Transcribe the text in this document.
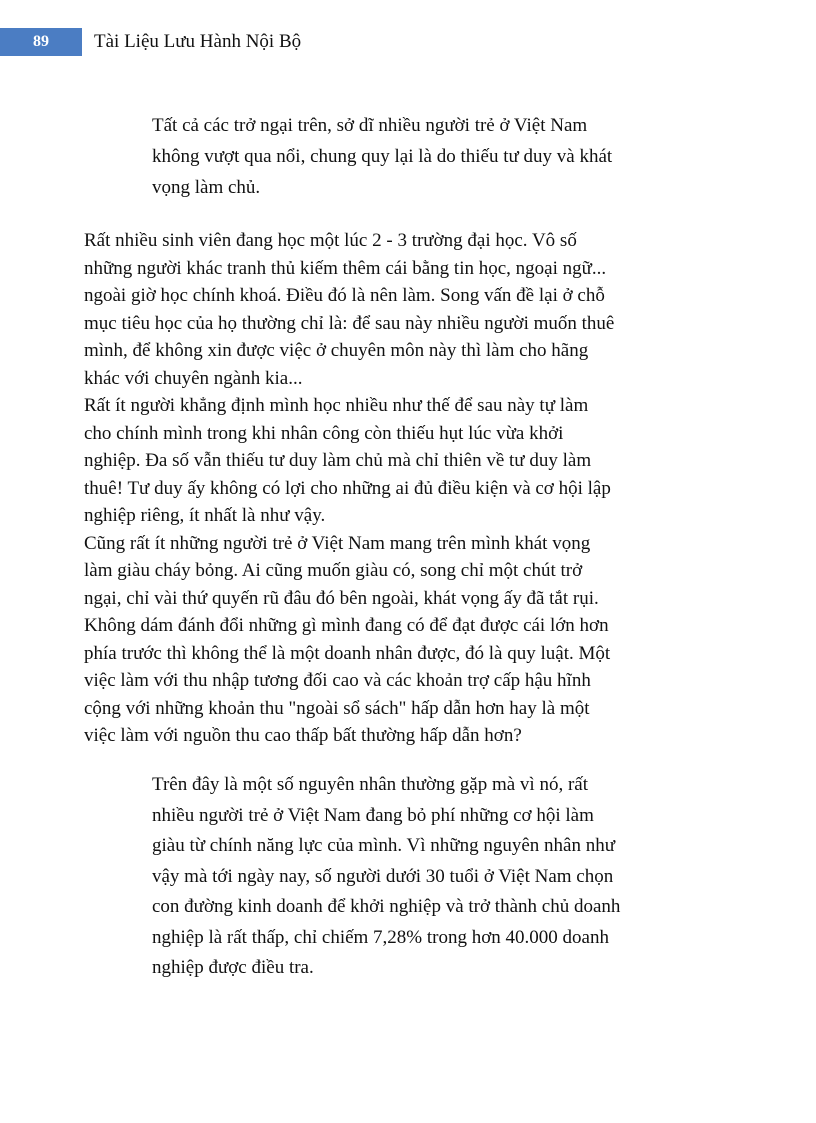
89	Tài Liệu Lưu Hành Nội Bộ
Tất cả các trở ngại trên, sở dĩ nhiều người trẻ ở Việt Nam
không vượt qua nổi, chung quy lại là do thiếu tư duy và khát
vọng làm chủ.
Rất nhiều sinh viên đang học một lúc 2 - 3 trường đại học. Vô số
những người khác tranh thủ kiếm thêm cái bằng tin học, ngoại ngữ...
ngoài giờ học chính khoá. Điều đó là nên làm. Song vấn đề lại ở chỗ
mục tiêu học của họ thường chỉ là: để sau này nhiều người muốn thuê
mình, để không xin được việc ở chuyên môn này thì làm cho hãng
khác với chuyên ngành kia...
Rất ít người khẳng định mình học nhiều như thế để sau này tự làm
cho chính mình trong khi nhân công còn thiếu hụt lúc vừa khởi
nghiệp. Đa số vẫn thiếu tư duy làm chủ mà chỉ thiên về tư duy làm
thuê! Tư duy ấy không có lợi cho những ai đủ điều kiện và cơ hội lập
nghiệp riêng, ít nhất là như vậy.
Cũng rất ít những người trẻ ở Việt Nam mang trên mình khát vọng
làm giàu cháy bỏng. Ai cũng muốn giàu có, song chỉ một chút trở
ngại, chỉ vài thứ quyến rũ đâu đó bên ngoài, khát vọng ấy đã tắt rụi.
Không dám đánh đổi những gì mình đang có để đạt được cái lớn hơn
phía trước thì không thể là một doanh nhân được, đó là quy luật. Một
việc làm với thu nhập tương đối cao và các khoản trợ cấp hậu hĩnh
cộng với những khoản thu "ngoài sổ sách" hấp dẫn hơn hay là một
việc làm với nguồn thu cao thấp bất thường hấp dẫn hơn?
Trên đây là một số nguyên nhân thường gặp mà vì nó, rất
nhiều người trẻ ở Việt Nam đang bỏ phí những cơ hội làm
giàu từ chính năng lực của mình. Vì những nguyên nhân như
vậy mà tới ngày nay, số người dưới 30 tuổi ở Việt Nam chọn
con đường kinh doanh để khởi nghiệp và trở thành chủ doanh
nghiệp là rất thấp, chỉ chiếm 7,28% trong hơn 40.000 doanh
nghiệp được điều tra.
